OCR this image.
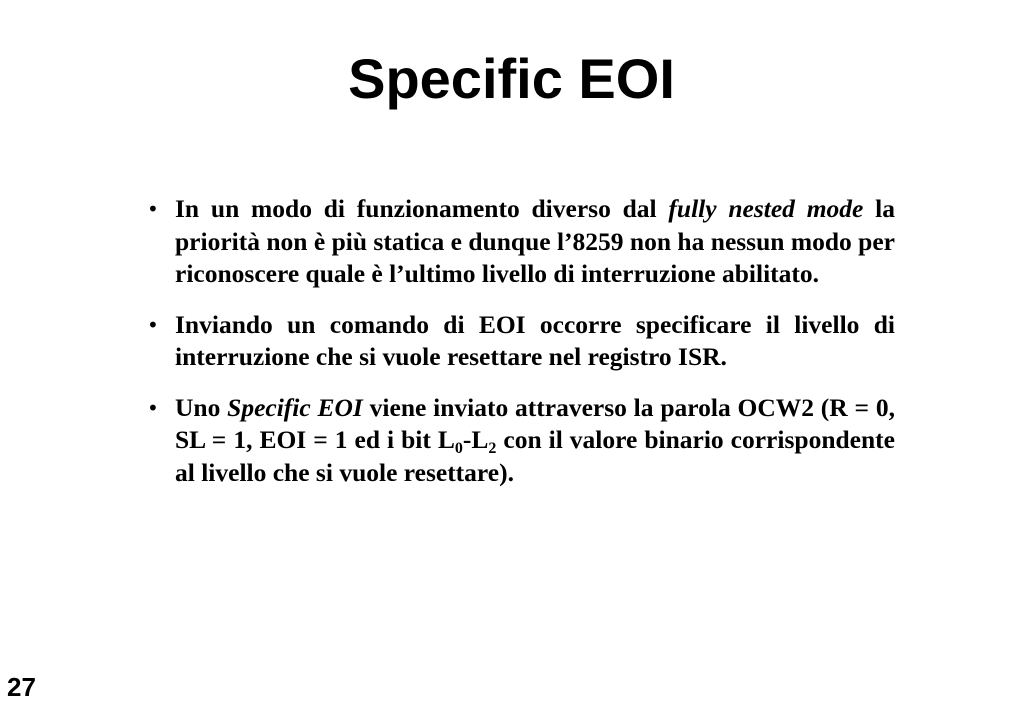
Specific EOI
• In un modo di funzionamento diverso dal fully nested mode la priorità non è più statica e dunque l’8259 non ha nessun modo per riconoscere quale è l’ultimo livello di interruzione abilitato.
• Inviando un comando di EOI occorre specificare il livello di interruzione che si vuole resettare nel registro ISR.
• Uno Specific EOI viene inviato attraverso la parola OCW2 (R = 0, SL = 1, EOI = 1 ed i bit $L_0-L_2$ con il valore binario corrispondente al livello che si vuole resettare).
27
